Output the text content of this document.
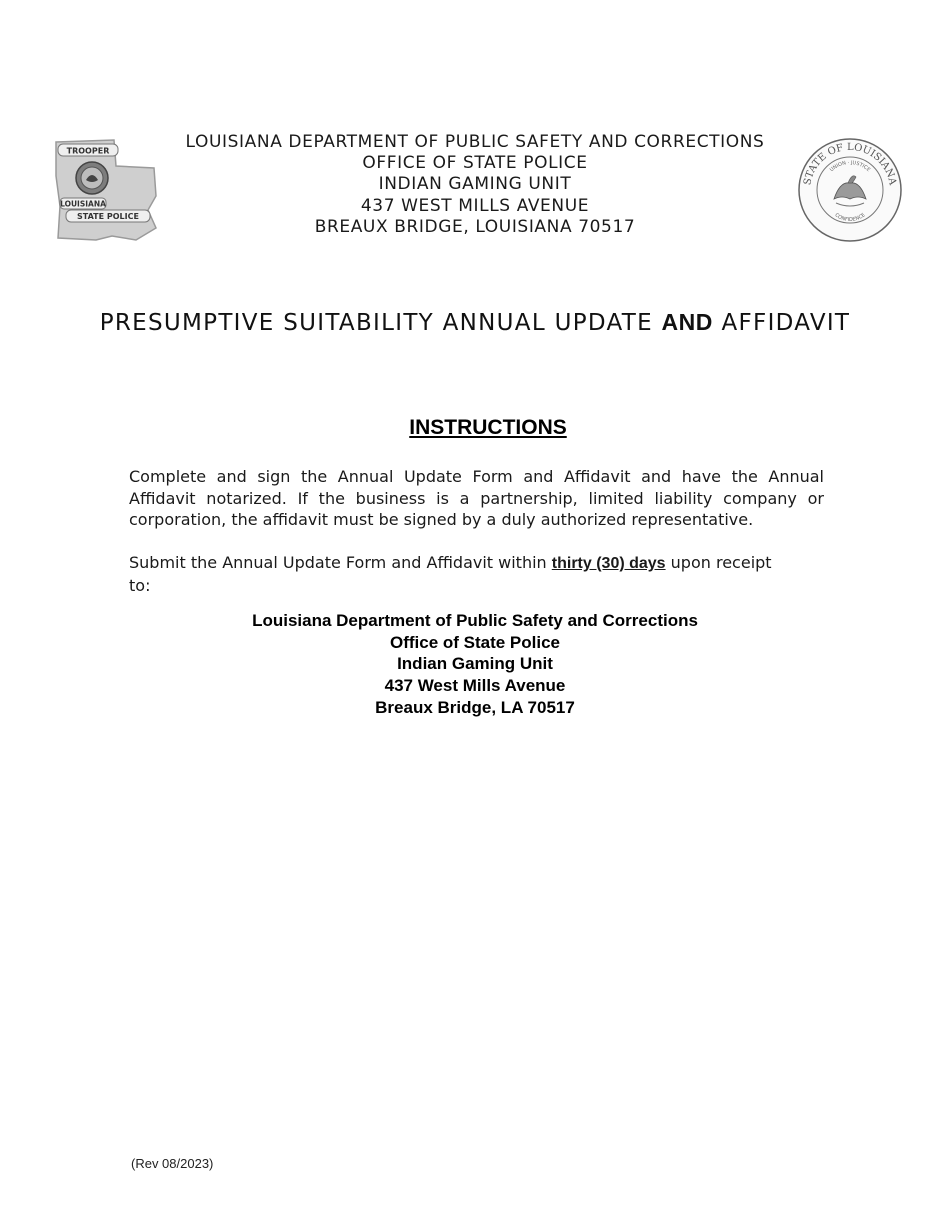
TROOPER
LOUISIANA
STATE POLICE
LOUISIANA DEPARTMENT OF PUBLIC SAFETY AND CORRECTIONS
OFFICE OF STATE POLICE
INDIAN GAMING UNIT
437 WEST MILLS AVENUE
BREAUX BRIDGE, LOUISIANA 70517
STATE OF LOUISIANA
UNION · JUSTICE
CONFIDENCE
PRESUMPTIVE SUITABILITY ANNUAL UPDATE AND AFFIDAVIT
INSTRUCTIONS
Complete and sign the Annual Update Form and Affidavit and have the Annual
Affidavit notarized. If the business is a partnership, limited liability company or
corporation, the affidavit must be signed by a duly authorized representative.
Submit the Annual Update Form and Affidavit within thirty (30) days upon receipt
to:
Louisiana Department of Public Safety and Corrections
Office of State Police
Indian Gaming Unit
437 West Mills Avenue
Breaux Bridge, LA 70517
(Rev 08/2023)
